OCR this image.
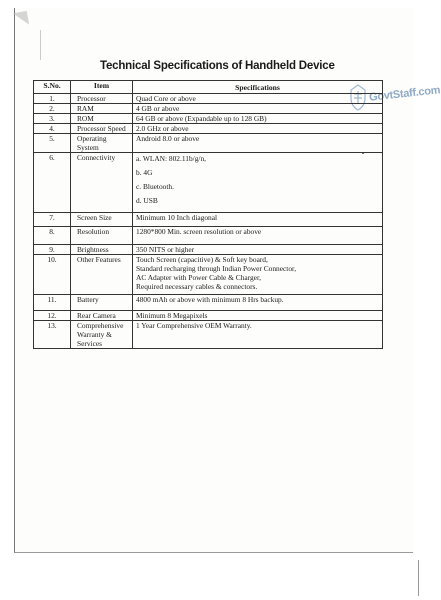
Technical Specifications of Handheld Device
GovtStaff.com
S.No.	Item	Specifications
1.	Processor	Quad Core or above

2.	RAM	4 GB or above

3.	ROM	64 GB or above (Expandable up to 128 GB)

4.	Processor Speed	2.0 GHz or above

5.	Operating System	Android 8.0 or above

6.	Connectivity	a. WLAN: 802.11b/g/n,
b. 4G
c. Bluetooth.
d. USB

7.	Screen Size	Minimum 10 Inch diagonal

8.	Resolution	1280*800 Min. screen resolution or above

9.	Brightness	350 NITS or higher

10.	Other Features	Touch Screen (capacitive) & Soft key board,
Standard recharging through Indian Power Connector,
AC Adapter with Power Cable & Charger,
Required necessary cables & connectors.

11.	Battery	4800 mAh or above with minimum 8 Hrs backup.

12.	Rear Camera	Minimum 8 Megapixels

13.	Comprehensive Warranty & Services	1 Year Comprehensive OEM Warranty.
